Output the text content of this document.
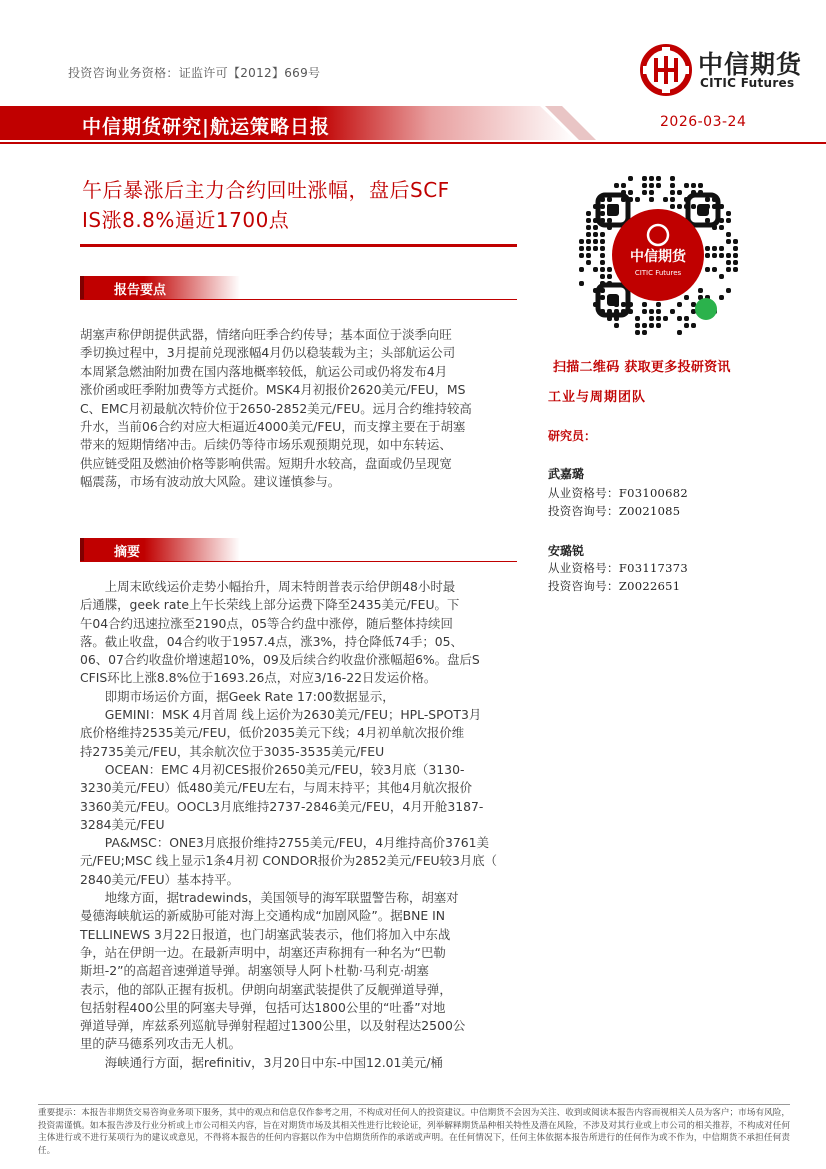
投资咨询业务资格：证监许可【2012】669号	中信期货
CITIC Futures
中信期货研究|航运策略日报	2026-03-24
午后暴涨后主力合约回吐涨幅，盘后SCF
IS涨8.8%逼近1700点
报告要点
胡塞声称伊朗提供武器，情绪向旺季合约传导；基本面位于淡季向旺
季切换过程中，3月提前兑现涨幅4月仍以稳装载为主；头部航运公司
本周紧急燃油附加费在国内落地概率较低，航运公司或仍将发布4月
涨价函或旺季附加费等方式挺价。MSK4月初报价2620美元/FEU，MS
C、EMC月初最航次特价位于2650-2852美元/FEU。远月合约维持较高
升水，当前06合约对应大柜逼近4000美元/FEU，而支撑主要在于胡塞
带来的短期情绪冲击。后续仍等待市场乐观预期兑现，如中东转运、
供应链受阻及燃油价格等影响供需。短期升水较高，盘面或仍呈现宽
幅震荡，市场有波动放大风险。建议谨慎参与。
摘要
上周末欧线运价走势小幅抬升，周末特朗普表示给伊朗48小时最
后通牒，geek rate上午长荣线上部分运费下降至2435美元/FEU。下
午04合约迅速拉涨至2190点，05等合约盘中涨停，随后整体持续回
落。截止收盘，04合约收于1957.4点，涨3%，持仓降低74手；05、
06、07合约收盘价增速超10%，09及后续合约收盘价涨幅超6%。盘后S
CFIS环比上涨8.8%位于1693.26点，对应3/16-22日发运价格。
即期市场运价方面，据Geek Rate 17:00数据显示，
GEMINI：MSK 4月首周 线上运价为2630美元/FEU；HPL-SPOT3月
底价格维持2535美元/FEU，低价2035美元下线；4月初单航次报价维
持2735美元/FEU，其余航次位于3035-3535美元/FEU
OCEAN：EMC 4月初CES报价2650美元/FEU，较3月底（3130-
3230美元/FEU）低480美元/FEU左右，与周末持平；其他4月航次报价
3360美元/FEU。OOCL3月底维持2737-2846美元/FEU，4月开舱3187-
3284美元/FEU
PA&MSC：ONE3月底报价维持2755美元/FEU，4月维持高价3761美
元/FEU;MSC 线上显示1条4月初 CONDOR报价为2852美元/FEU较3月底（
2840美元/FEU）基本持平。
地缘方面，据tradewinds，美国领导的海军联盟警告称，胡塞对
曼德海峡航运的新威胁可能对海上交通构成“加剧风险”。据BNE IN
TELLINEWS 3月22日报道，也门胡塞武装表示，他们将加入中东战
争，站在伊朗一边。在最新声明中，胡塞还声称拥有一种名为“巴勒
斯坦-2”的高超音速弹道导弹。胡塞领导人阿卜杜勒·马利克·胡塞
表示，他的部队正握有扳机。伊朗向胡塞武装提供了反舰弹道导弹，
包括射程400公里的阿塞夫导弹，包括可达1800公里的“吐番”对地
弹道导弹，库兹系列巡航导弹射程超过1300公里，以及射程达2500公
里的萨马德系列攻击无人机。
海峡通行方面，据refinitiv，3月20日中东-中国12.01美元/桶
中信期货
CITIC Futures
扫描二维码 获取更多投研资讯
工业与周期团队
研究员：
武嘉璐
从业资格号：F03100682
投资咨询号：Z0021085
安璐锐
从业资格号：F03117373
投资咨询号：Z0022651
重要提示：本报告非期货交易咨询业务项下服务，其中的观点和信息仅作参考之用，不构成对任何人的投资建议。中信期货不会因为关注、收到或阅读本报告内容而视相关人员为客户；市场有风险，投资需谨慎。如本报告涉及行业分析或上市公司相关内容，旨在对期货市场及其相关性进行比较论证，列举解释期货品种相关特性及潜在风险，不涉及对其行业或上市公司的相关推荐，不构成对任何主体进行或不进行某项行为的建议或意见，不得将本报告的任何内容据以作为中信期货所作的承诺或声明。在任何情况下，任何主体依据本报告所进行的任何作为或不作为，中信期货不承担任何责任。
